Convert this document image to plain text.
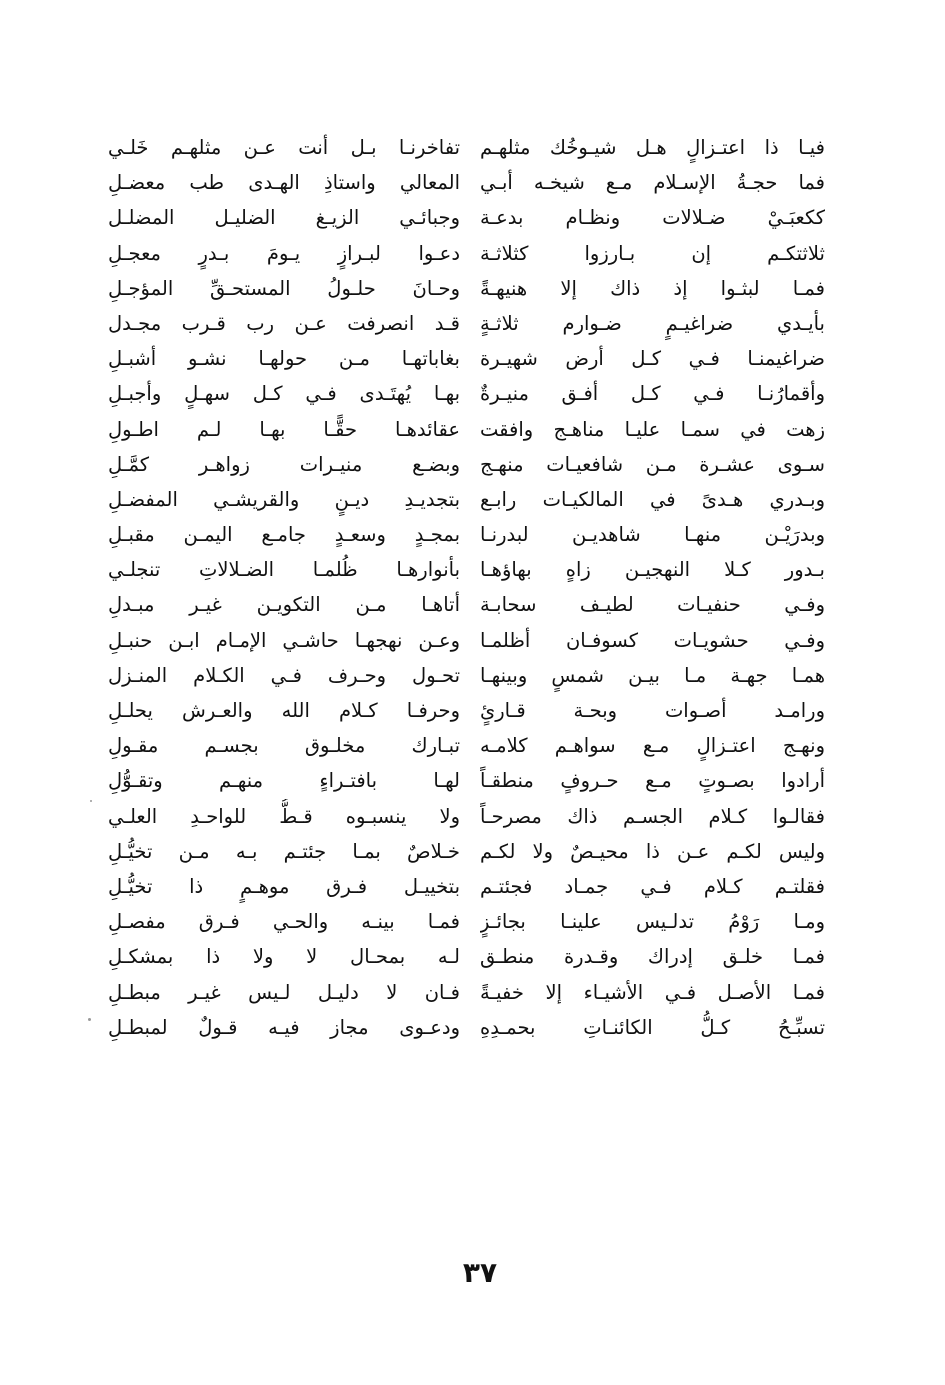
فيـا ذا اعتـزالٍ هـل شيـوخُك مثلهـم
فما حجـةُ الإسـلام مـع شيخـه أبـي
ككعبَـيْ ضـلالات ونظـام بدعـة
ثلاثتكـم إن بـارزوا كثلاثـة
فمـا لبثـوا إذ ذاك إلا هنيهـةً
بأيـدي ضراغيـمٍ ضـوارم ثلاثـةٍ
ضراغيمنـا فـي كـل أرض شهيـرة
وأقمارُنـا فـي كـل أفـق منيـرةٌ
زهت في سمـا عليـا مناهـج وافقت
سـوى عشـرة مـن شافعيـات منهـج
وبـدري هـدىً في المالكيـات رابـع
وبدرَيْـن منهـا شاهديـن لبدرنـا
بـدور كـلا النهجيـن زاهٍ بهاؤهـا
وفـي حنفيـات لطيـف سحابـة
وفـي حشويـات كسوفـان أظلمـا
همـا جهـة مـا بيـن شمسٍ وبينهـا
ورامـد أصـوات وبحـة قـارئٍ
ونهـج اعتـزالٍ مـع سواهـم كلامـه
أرادوا بصـوتٍ مـع حـروفٍ منطقـاً
فقالـوا كـلام الجسـم ذاك مصرحـاً
وليس لكـم عـن ذا محيـصٌ ولا لكـم
فقلتـم كـلام فـي جمـاد فجئتـم
ومـا رَوْمُ تدلـيس علينـا بجائـزٍ
فمـا خلـق إدراك وقـدرة منطـق
فمـا الأصـل فـي الأشيـاء إلا خفيـةً
تسبِّـحُ كـلُّ الكائنـاتِ بحمـدِهِ
تفاخرنـا بـل أنت عـن مثلهـم خَلـي
المعالي واستاذِ الهـدى طب معضـلِ
وجبائـي الزيـغ الضليـل المضلـل
دعـوا لبـرازٍ يـومَ بـدرٍ معجـلِ
وحـانَ حلـولُ المستحـقِّ المؤجـلِ
قـد انصرفت عـن رب قـرب مجـدل
بغاباتهـا مـن حولهـا نشـو أشبـلِ
بهـا يُهتَـدى فـي كـل سهـلٍ وأجبـلِ
عقائدهـا حقًّـا بهـا لـم اطـولِ
وبضـع منيـرات زواهـر كمَّـلِ
بتجديـدِ ديـنٍ والقريشـي المفضـلِ
بمجـدٍ وسعـدٍ جامـع اليمـن مقبـلِ
بأنوارهـا ظُلمـا الضـلالاتِ تنجلـي
أتاهـا مـن التكويـن غيـر مبـدلِ
وعـن نهجهـا حاشـي الإمـام ابـن حنبـلِ
تحـول وحـرف فـي الكـلام المنـزل
وحرفـا كـلام الله والعـرش يحلـلِ
تبـارك مخلـوق بجسـم مقـولِ
لهـا بافتـراءٍ منهـم وتقـوُّلِ
ولا ينسبـوه قـطُّ للواحـدِ العلـي
خـلاصٌ بمـا جئتـم بـه مـن تخيُّـلِ
بتخييـل فـرق موهـمٍ ذا تخيُّـلِ
فمـا بينـه والحـي فـرق مفصـلِ
لـه بمحـال لا ولا ذا بمشكـلِ
فـان لا دليـل لـيس غيـر مبطـلِ
ودعـوى مجاز فيـه قـولٌ لمبطـلِ
٣٧
